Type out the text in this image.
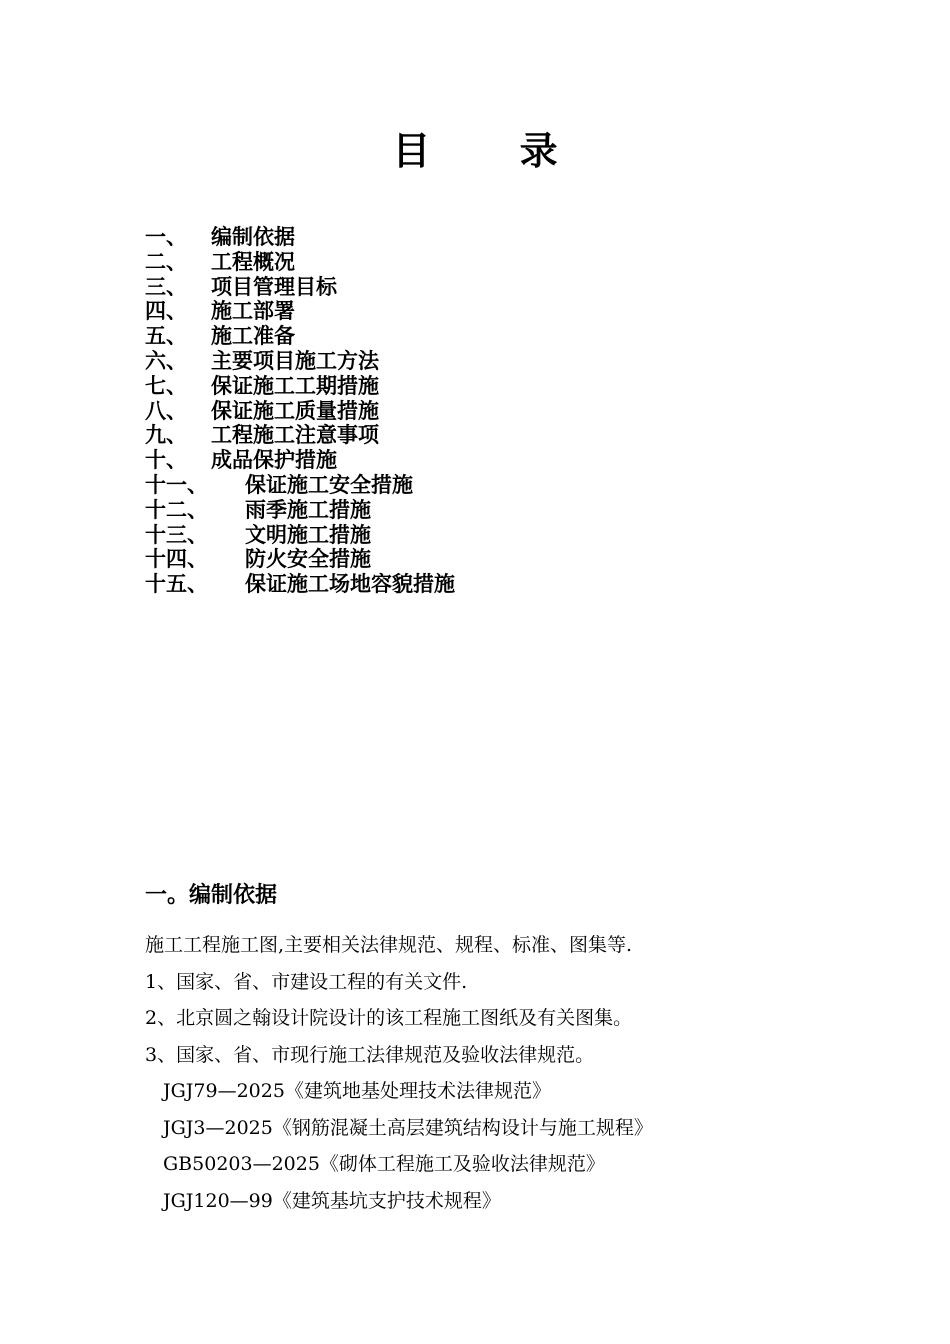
目 录
一、 编制依据
二、 工程概况
三、 项目管理目标
四、 施工部署
五、 施工准备
六、 主要项目施工方法
七、 保证施工工期措施
八、 保证施工质量措施
九、 工程施工注意事项
十、 成品保护措施
十一、 保证施工安全措施
十二、 雨季施工措施
十三、 文明施工措施
十四、 防火安全措施
十五、 保证施工场地容貌措施
一。编制依据
施工工程施工图,主要相关法律规范、规程、标准、图集等.
1、国家、省、市建设工程的有关文件.
2、北京圆之翰设计院设计的该工程施工图纸及有关图集。
3、国家、省、市现行施工法律规范及验收法律规范。
JGJ79—2025《建筑地基处理技术法律规范》
JGJ3—2025《钢筋混凝土高层建筑结构设计与施工规程》
GB50203—2025《砌体工程施工及验收法律规范》
JGJ120—99《建筑基坑支护技术规程》
